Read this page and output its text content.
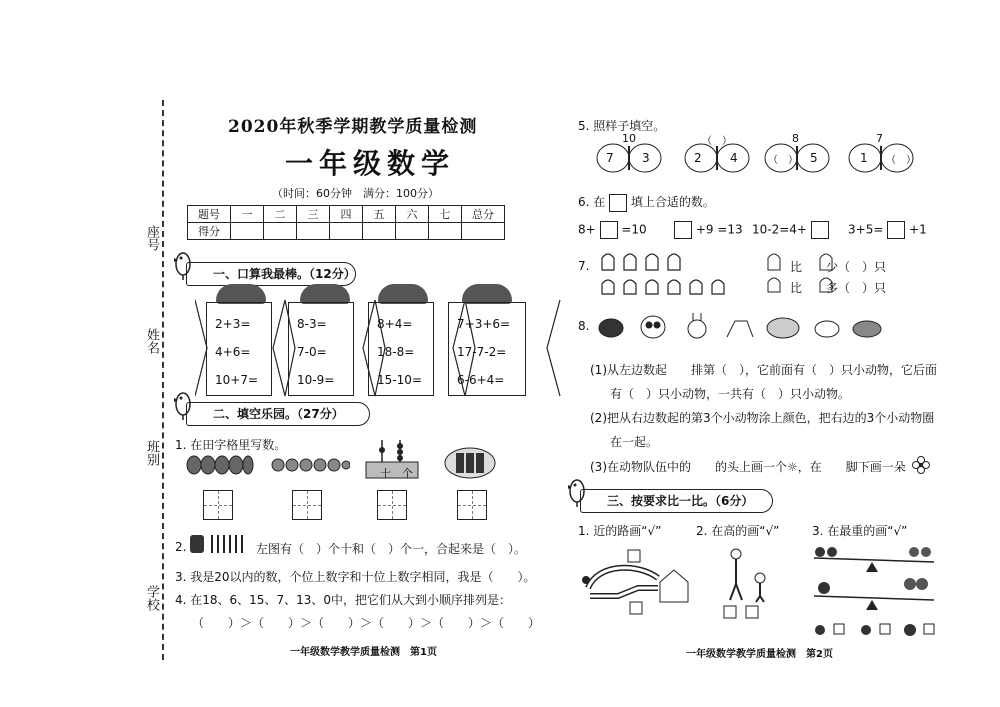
座号
姓名
班别
学校
2020年秋季学期教学质量检测
一年级数学
（时间：60分钟　满分：100分）
题号	一	二	三	四	五	六	七	总分
得分								
一、口算我最棒。（12分）
2+3=
4+6=
10+7=
8-3=
7-0=
10-9=
8+4=
18-8=
15-10=
7+3+6=
17-7-2=
6-6+4=
二、填空乐园。（27分）
1. 在田字格里写数。
十　个
2.	左图有（　）个十和（　）个一，合起来是（　）。
3. 我是20以内的数，个位上数字和十位上数字相同，我是（　　）。
4. 在18、6、15、7、13、0中，把它们从大到小顺序排列是：
（　　）＞（　　）＞（　　）＞（　　）＞（　　）＞（　　）
一年级数学教学质量检测　第1页
5. 照样子填空。
10
7 3
（　）
2 4
8
（　） 5
7
1 （　）
6. 在 填上合适的数。
8+ =10	+9 =13 10-2=4+	3+5= +1
7.	比　　少（　）只
比　　多（　）只
8.
(1)从左边数起　　排第（　），它前面有（　）只小动物，它后面
有（　）只小动物，一共有（　）只小动物。
(2)把从右边数起的第3个小动物涂上颜色，把右边的3个小动物圈
在一起。
(3)在动物队伍中的　　的头上画一个☼，在　　脚下画一朵
三、按要求比一比。（6分）
1. 近的路画“√”	2. 在高的画“√”	3. 在最重的画“√”
一年级数学教学质量检测　第2页
